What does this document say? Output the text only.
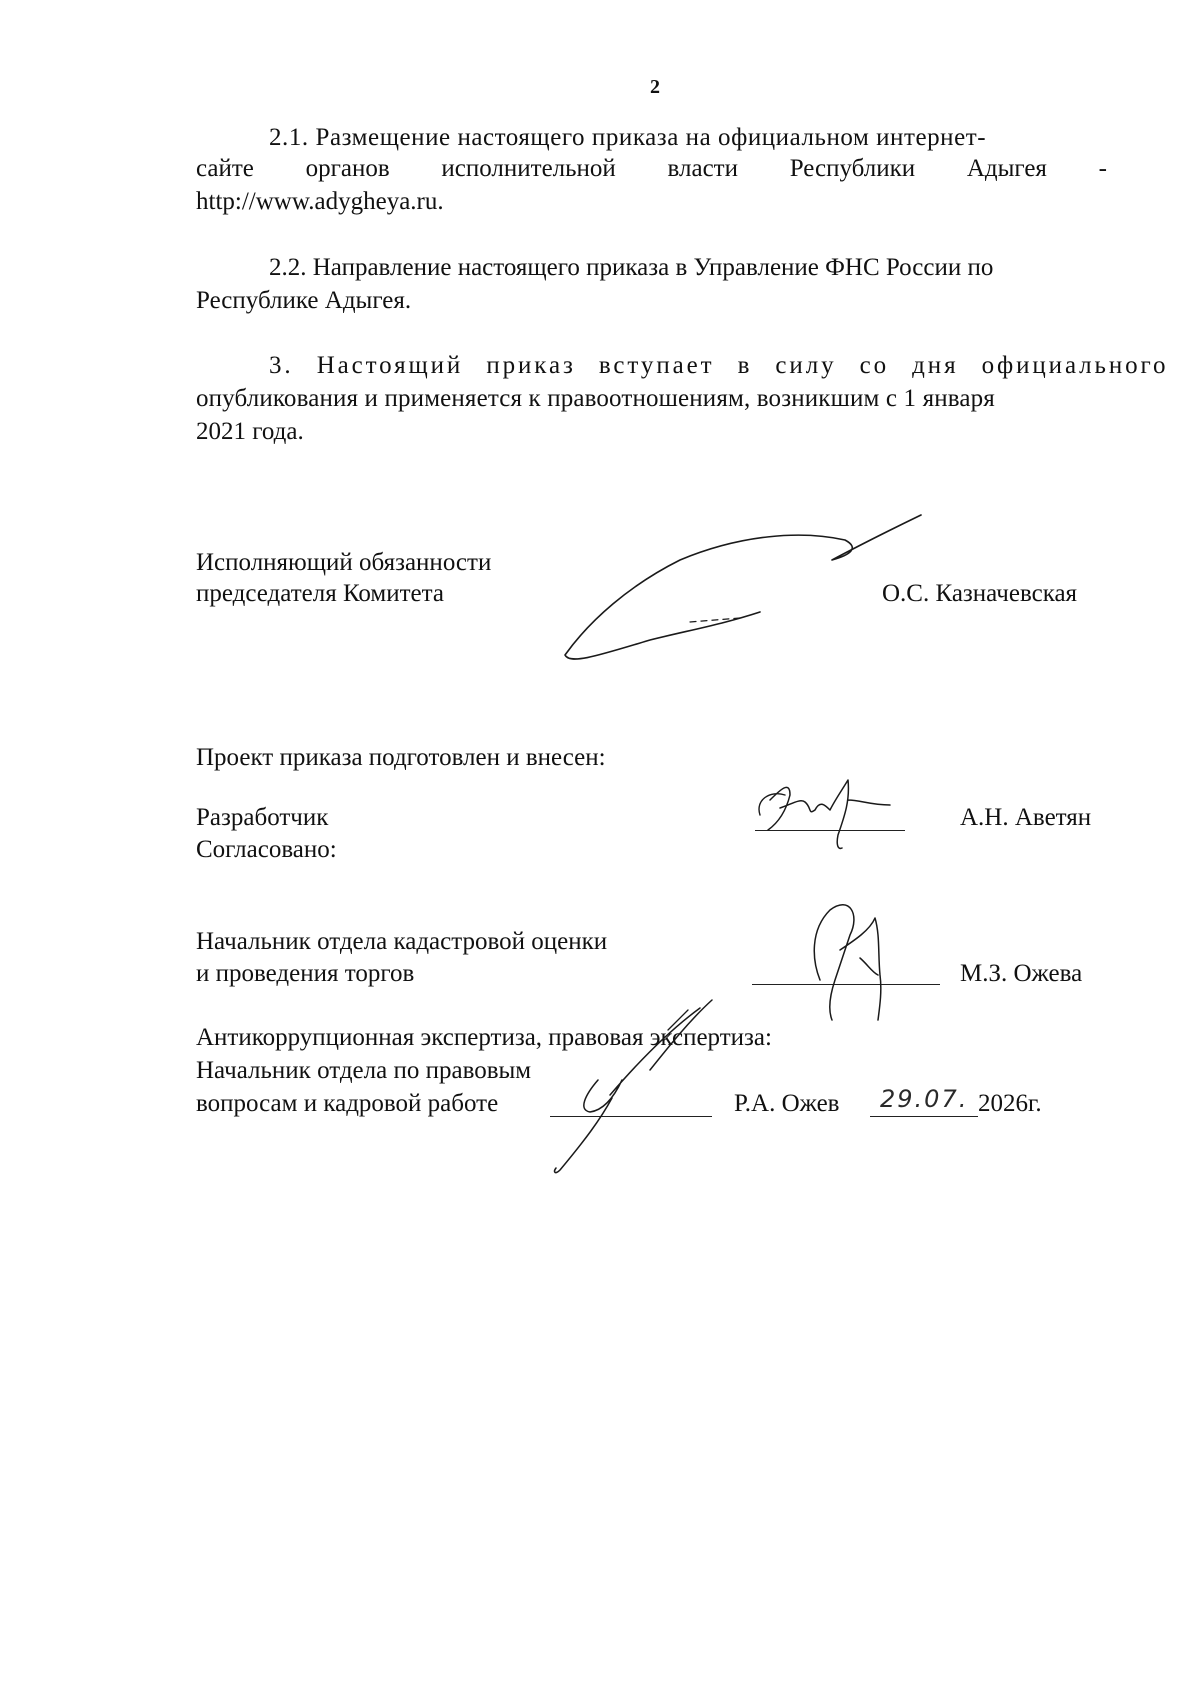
2
2.1. Размещение настоящего приказа на официальном интернет-
сайте органов исполнительной власти Республики Адыгея -
http://www.adygheya.ru.
2.2. Направление настоящего приказа в Управление ФНС России по
Республике Адыгея.
3. Настоящий приказ вступает в силу со дня официального
опубликования и применяется к правоотношениям, возникшим с 1 января
2021 года.
Исполняющий обязанности
председателя Комитета	О.С. Казначевская
Проект приказа подготовлен и внесен:
Разработчик	А.Н. Аветян
Согласовано:
Начальник отдела кадастровой оценки
и проведения торгов	М.З. Ожева
Антикоррупционная экспертиза, правовая экспертиза:
Начальник отдела по правовым
вопросам и кадровой работе	Р.А. Ожев 29.07. 2026г.
